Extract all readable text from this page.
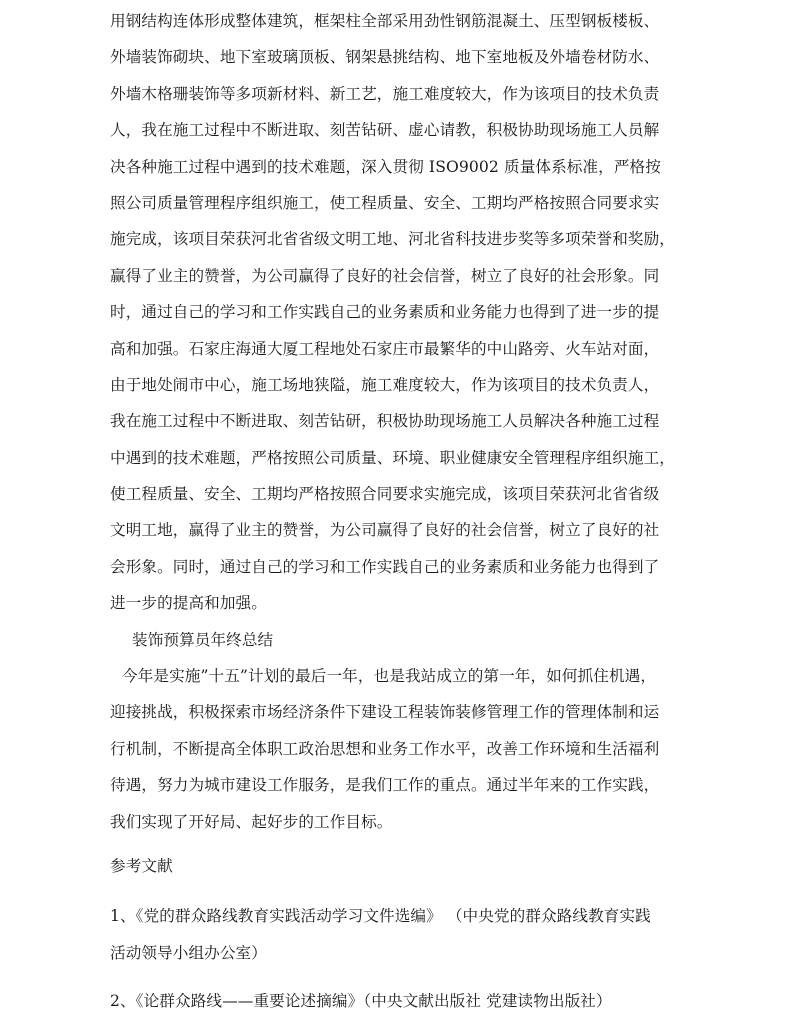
用钢结构连体形成整体建筑，框架柱全部采用劲性钢筋混凝土、压型钢板楼板、
外墙装饰砌块、地下室玻璃顶板、钢架悬挑结构、地下室地板及外墙卷材防水、
外墙木格珊装饰等多项新材料、新工艺，施工难度较大，作为该项目的技术负责
人，我在施工过程中不断进取、刻苦钻研、虚心请教，积极协助现场施工人员解
决各种施工过程中遇到的技术难题，深入贯彻 ISO9002 质量体系标准，严格按
照公司质量管理程序组织施工，使工程质量、安全、工期均严格按照合同要求实
施完成，该项目荣获河北省省级文明工地、河北省科技进步奖等多项荣誉和奖励，
赢得了业主的赞誉，为公司赢得了良好的社会信誉，树立了良好的社会形象。同
时，通过自己的学习和工作实践自己的业务素质和业务能力也得到了进一步的提
高和加强。石家庄海通大厦工程地处石家庄市最繁华的中山路旁、火车站对面，
由于地处闹市中心，施工场地狭隘，施工难度较大，作为该项目的技术负责人，
我在施工过程中不断进取、刻苦钻研，积极协助现场施工人员解决各种施工过程
中遇到的技术难题，严格按照公司质量、环境、职业健康安全管理程序组织施工，
使工程质量、安全、工期均严格按照合同要求实施完成，该项目荣获河北省省级
文明工地，赢得了业主的赞誉，为公司赢得了良好的社会信誉，树立了良好的社
会形象。同时，通过自己的学习和工作实践自己的业务素质和业务能力也得到了
进一步的提高和加强。
装饰预算员年终总结
今年是实施”十五”计划的最后一年，也是我站成立的第一年，如何抓住机遇，
迎接挑战，积极探索市场经济条件下建设工程装饰装修管理工作的管理体制和运
行机制，不断提高全体职工政治思想和业务工作水平，改善工作环境和生活福利
待遇，努力为城市建设工作服务，是我们工作的重点。通过半年来的工作实践，
我们实现了开好局、起好步的工作目标。
参考文献
1、《党的群众路线教育实践活动学习文件选编》 （中央党的群众路线教育实践
活动领导小组办公室）
2、《论群众路线——重要论述摘编》（中央文献出版社 党建读物出版社）
